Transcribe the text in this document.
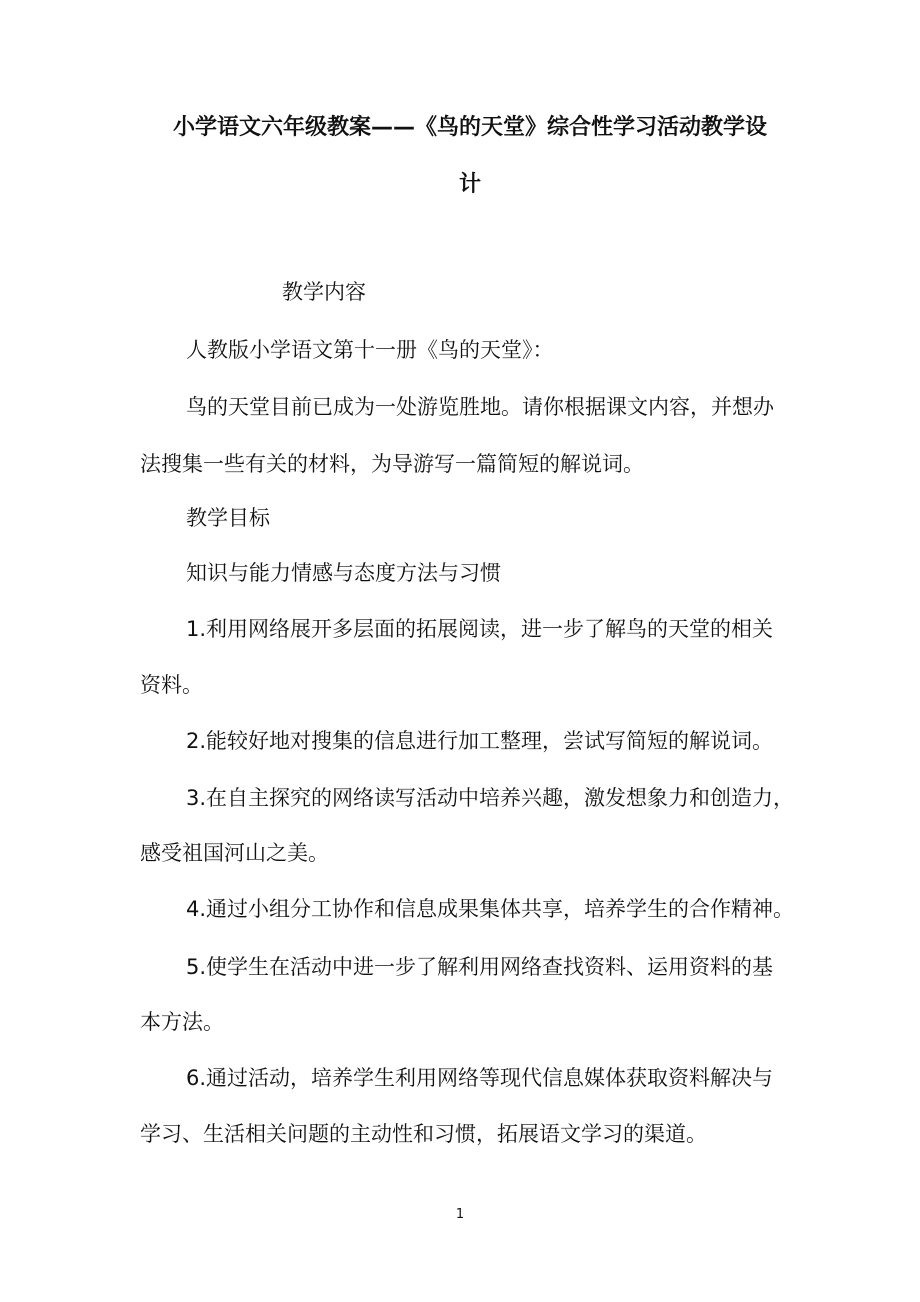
小学语文六年级教案——《鸟的天堂》综合性学习活动教学设
计
教学内容
人教版小学语文第十一册《鸟的天堂》：
鸟的天堂目前已成为一处游览胜地。请你根据课文内容，并想办
法搜集一些有关的材料，为导游写一篇简短的解说词。
教学目标
知识与能力情感与态度方法与习惯
1.利用网络展开多层面的拓展阅读，进一步了解鸟的天堂的相关
资料。
2.能较好地对搜集的信息进行加工整理，尝试写简短的解说词。
3.在自主探究的网络读写活动中培养兴趣，激发想象力和创造力，
感受祖国河山之美。
4.通过小组分工协作和信息成果集体共享，培养学生的合作精神。
5.使学生在活动中进一步了解利用网络查找资料、运用资料的基
本方法。
6.通过活动，培养学生利用网络等现代信息媒体获取资料解决与
学习、生活相关问题的主动性和习惯，拓展语文学习的渠道。
1
